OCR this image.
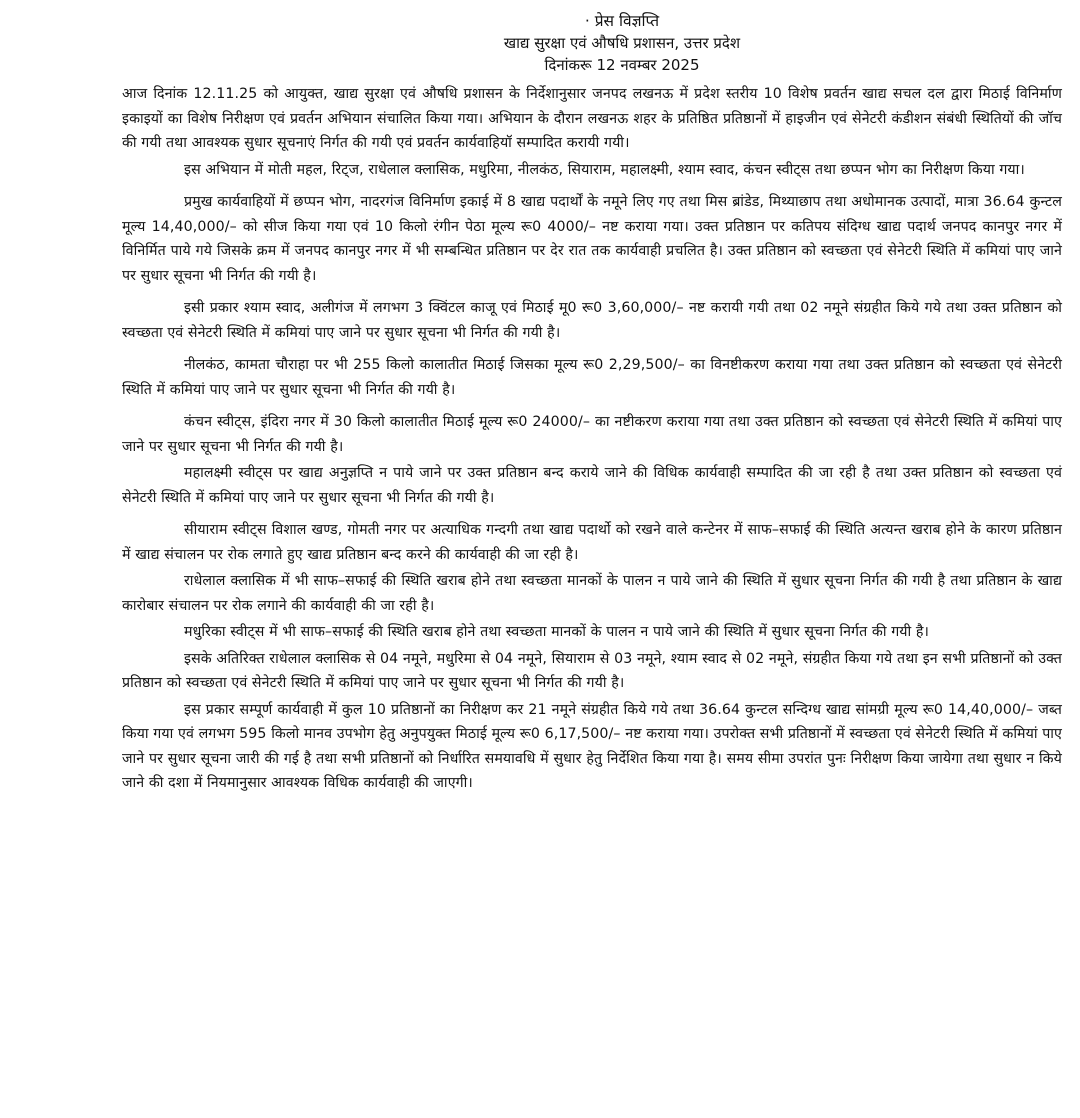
· प्रेस विज्ञप्ति
खाद्य सुरक्षा एवं औषधि प्रशासन, उत्तर प्रदेश
दिनांकरू 12 नवम्बर 2025

आज दिनांक 12.11.25 को आयुक्त, खाद्य सुरक्षा एवं औषधि प्रशासन के निर्देशानुसार जनपद लखनऊ में प्रदेश स्तरीय 10 विशेष प्रवर्तन खाद्य सचल दल द्वारा मिठाई विनिर्माण इकाइयों का विशेष निरीक्षण एवं प्रवर्तन अभियान संचालित किया गया। अभियान के दौरान लखनऊ शहर के प्रतिष्ठित प्रतिष्ठानों में हाइजीन एवं सेनेटरी कंडीशन संबंधी स्थितियों की जॉच की गयी तथा आवश्यक सुधार सूचनाएं निर्गत की गयी एवं प्रवर्तन कार्यवाहियॉ सम्पादित करायी गयी।

इस अभियान में मोती महल, रिट्ज, राधेलाल क्लासिक, मधुरिमा, नीलकंठ, सियाराम, महालक्ष्मी, श्याम स्वाद, कंचन स्वीट्स तथा छप्पन भोग का निरीक्षण किया गया।

प्रमुख कार्यवाहियों में छप्पन भोग, नादरगंज विनिर्माण इकाई में 8 खाद्य पदार्थों के नमूने लिए गए तथा मिस ब्रांडेड, मिथ्याछाप तथा अधोमानक उत्पादों, मात्रा 36.64 कुन्टल मूल्य 14,40,000/– को सीज किया गया एवं 10 किलो रंगीन पेठा मूल्य रू0 4000/– नष्ट कराया गया। उक्त प्रतिष्ठान पर कतिपय संदिग्ध खाद्य पदार्थ जनपद कानपुर नगर में विनिर्मित पाये गये जिसके क्रम में जनपद कानपुर नगर में भी सम्बन्धित प्रतिष्ठान पर देर रात तक कार्यवाही प्रचलित है। उक्त प्रतिष्ठान को स्वच्छता एवं सेनेटरी स्थिति में कमियां पाए जाने पर सुधार सूचना भी निर्गत की गयी है।

इसी प्रकार श्याम स्वाद, अलीगंज में लगभग 3 क्विंटल काजू एवं मिठाई मू0 रू0 3,60,000/– नष्ट करायी गयी तथा 02 नमूने संग्रहीत किये गये तथा उक्त प्रतिष्ठान को स्वच्छता एवं सेनेटरी स्थिति में कमियां पाए जाने पर सुधार सूचना भी निर्गत की गयी है।

नीलकंठ, कामता चौराहा पर भी 255 किलो कालातीत मिठाई जिसका मूल्य रू0 2,29,500/– का विनष्टीकरण कराया गया तथा उक्त प्रतिष्ठान को स्वच्छता एवं सेनेटरी स्थिति में कमियां पाए जाने पर सुधार सूचना भी निर्गत की गयी है।

कंचन स्वीट्स, इंदिरा नगर में 30 किलो कालातीत मिठाई मूल्य रू0 24000/– का नष्टीकरण कराया गया तथा उक्त प्रतिष्ठान को स्वच्छता एवं सेनेटरी स्थिति में कमियां पाए जाने पर सुधार सूचना भी निर्गत की गयी है।

महालक्ष्मी स्वीट्स पर खाद्य अनुज्ञप्ति न पाये जाने पर उक्त प्रतिष्ठान बन्द कराये जाने की विधिक कार्यवाही सम्पादित की जा रही है तथा उक्त प्रतिष्ठान को स्वच्छता एवं सेनेटरी स्थिति में कमियां पाए जाने पर सुधार सूचना भी निर्गत की गयी है।

सीयाराम स्वीट्स विशाल खण्ड, गोमती नगर पर अत्याधिक गन्दगी तथा खाद्य पदार्थो को रखने वाले कन्टेनर में साफ–सफाई की स्थिति अत्यन्त खराब होने के कारण प्रतिष्ठान में खाद्य संचालन पर रोक लगाते हुए खाद्य प्रतिष्ठान बन्द करने की कार्यवाही की जा रही है।

राधेलाल क्लासिक में भी साफ–सफाई की स्थिति खराब होने तथा स्वच्छता मानकों के पालन न पाये जाने की स्थिति में सुधार सूचना निर्गत की गयी है तथा प्रतिष्ठान के खाद्य कारोबार संचालन पर रोक लगाने की कार्यवाही की जा रही है।

मधुरिका स्वीट्स में भी साफ–सफाई की स्थिति खराब होने तथा स्वच्छता मानकों के पालन न पाये जाने की स्थिति में सुधार सूचना निर्गत की गयी है।

इसके अतिरिक्त राधेलाल क्लासिक से 04 नमूने, मधुरिमा से 04 नमूने, सियाराम से 03 नमूने, श्याम स्वाद से 02 नमूने, संग्रहीत किया गये तथा इन सभी प्रतिष्ठानों को उक्त प्रतिष्ठान को स्वच्छता एवं सेनेटरी स्थिति में कमियां पाए जाने पर सुधार सूचना भी निर्गत की गयी है।

इस प्रकार सम्पूर्ण कार्यवाही में कुल 10 प्रतिष्ठानों का निरीक्षण कर 21 नमूने संग्रहीत किये गये तथा 36.64 कुन्टल सन्दिग्ध खाद्य सांमग्री मूल्य रू0 14,40,000/– जब्त किया गया एवं लगभग 595 किलो मानव उपभोग हेतु अनुपयुक्त मिठाई मूल्य रू0 6,17,500/– नष्ट कराया गया। उपरोक्त सभी प्रतिष्ठानों में स्वच्छता एवं सेनेटरी स्थिति में कमियां पाए जाने पर सुधार सूचना जारी की गई है तथा सभी प्रतिष्ठानों को निर्धारित समयावधि में सुधार हेतु निर्देशित किया गया है। समय सीमा उपरांत पुनः निरीक्षण किया जायेगा तथा सुधार न किये जाने की दशा में नियमानुसार आवश्यक विधिक कार्यवाही की जाएगी।
